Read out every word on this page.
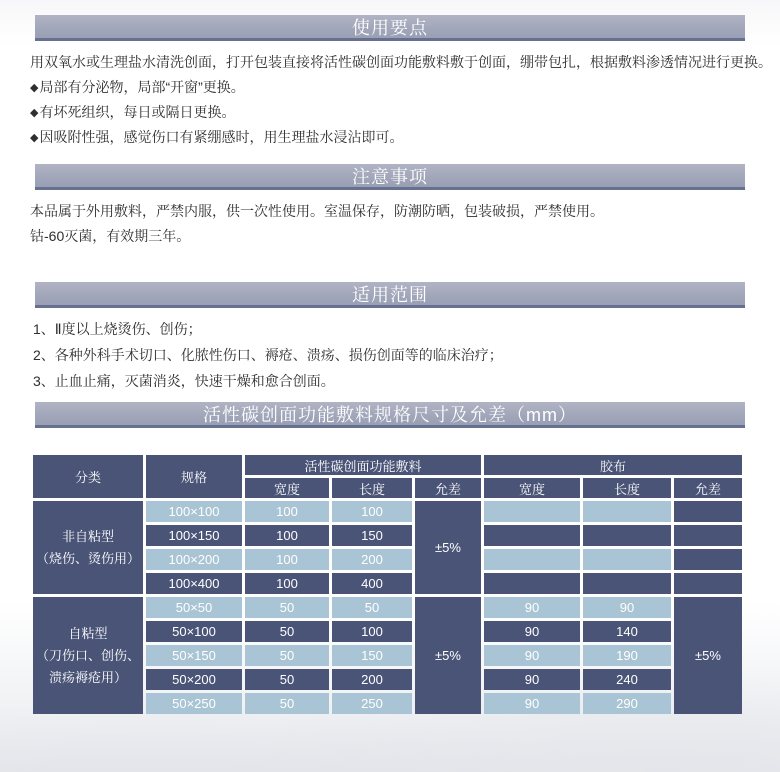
使用要点
用双氧水或生理盐水清洗创面，打开包装直接将活性碳创面功能敷料敷于创面，绷带包扎，根据敷料渗透情况进行更换。
◆局部有分泌物，局部“开窗”更换。
◆有坏死组织，每日或隔日更换。
◆因吸附性强，感觉伤口有紧绷感时，用生理盐水浸沾即可。
注意事项
本品属于外用敷料，严禁内服，供一次性使用。室温保存，防潮防晒，包装破损，严禁使用。
钴-60灭菌，有效期三年。
适用范围
1、Ⅱ度以上烧烫伤、创伤；
2、各种外科手术切口、化脓性伤口、褥疮、溃疡、损伤创面等的临床治疗；
3、止血止痛，灭菌消炎，快速干燥和愈合创面。
活性碳创面功能敷料规格尺寸及允差（mm）
分类	规格	活性碳创面功能敷料			胶布		
		宽度	长度	允差	宽度	长度	允差

非自粘型
（烧伤、烫伤用）	100×100	100	100	±5%			
	100×150	100	150				
	100×200	100	200				
	100×400	100	400				

自粘型
（刀伤口、创伤、
溃疡褥疮用）	50×50	50	50	±5%	90	90	±5%
	50×100	50	100		90	140	
	50×150	50	150		90	190	
	50×200	50	200		90	240	
	50×250	50	250		90	290	
